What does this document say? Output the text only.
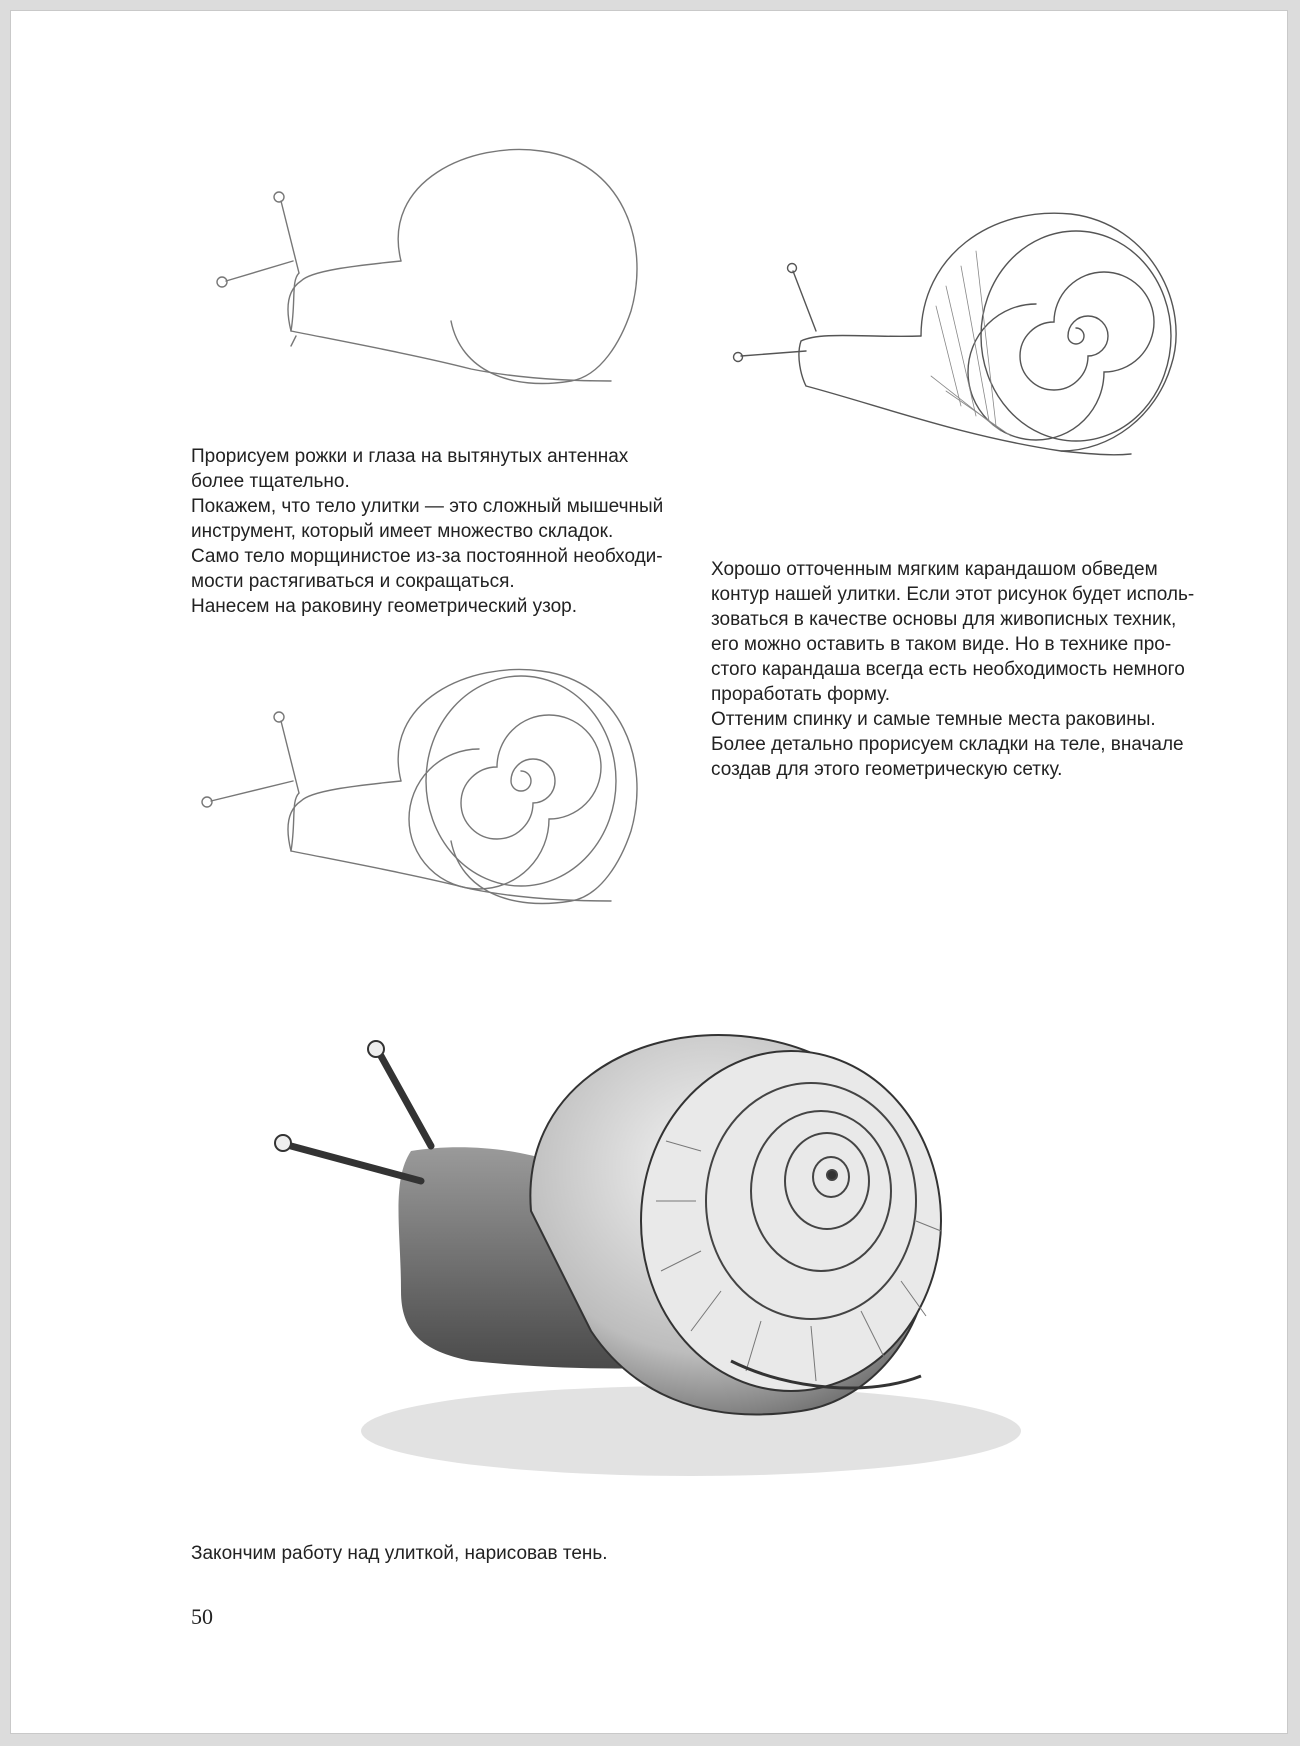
Прорисуем рожки и глаза на вытянутых антеннах
более тщательно.
Покажем, что тело улитки — это сложный мышечный
инструмент, который имеет множество складок.
Само тело морщинистое из-за постоянной необходи-
мости растягиваться и сокращаться.
Нанесем на раковину геометрический узор.
Хорошо отточенным мягким карандашом обведем
контур нашей улитки. Если этот рисунок будет исполь-
зоваться в качестве основы для живописных техник,
его можно оставить в таком виде. Но в технике про-
стого карандаша всегда есть необходимость немного
проработать форму.
Оттеним спинку и самые темные места раковины.
Более детально прорисуем складки на теле, вначале
создав для этого геометрическую сетку.

Закончим работу над улиткой, нарисовав тень.

50
